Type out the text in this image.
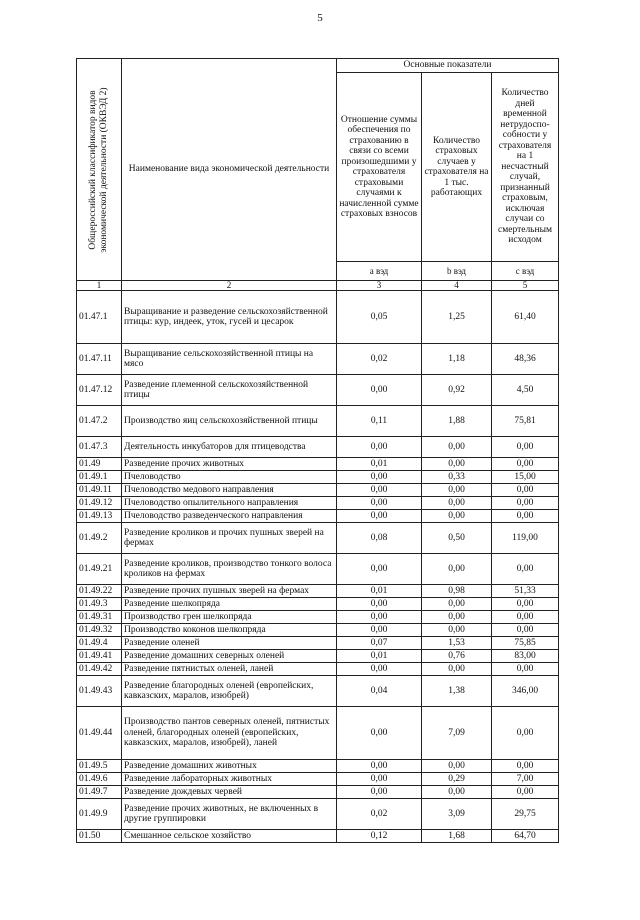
5
Общероссийский классификатор видов экономической деятельности (ОКВЭД 2)	Наименование вида экономической деятельности	Основные показатели		
		Отношение суммы обеспечения по страхованию в связи со всеми произошедшими у страхователя страховыми случаями к начисленной сумме страховых взносов	Количество страховых случаев у страхователя на 1 тыс. работающих	Количество дней временной нетрудоспо-собности у страхователя на 1 несчастный случай, признанный страховым, исключая случаи со смертельным исходом
		a вэд	b вэд	c вэд
1	2	3	4	5
01.47.1	Выращивание и разведение сельскохозяйственной птицы: кур, индеек, уток, гусей и цесарок	0,05	1,25	61,40
01.47.11	Выращивание сельскохозяйственной птицы на мясо	0,02	1,18	48,36
01.47.12	Разведение племенной сельскохозяйственной птицы	0,00	0,92	4,50
01.47.2	Производство яиц сельскохозяйственной птицы	0,11	1,88	75,81
01.47.3	Деятельность инкубаторов для птицеводства	0,00	0,00	0,00
01.49	Разведение прочих животных	0,01	0,00	0,00
01.49.1	Пчеловодство	0,00	0,33	15,00
01.49.11	Пчеловодство медового направления	0,00	0,00	0,00
01.49.12	Пчеловодство опылительного направления	0,00	0,00	0,00
01.49.13	Пчеловодство разведенческого направления	0,00	0,00	0,00
01.49.2	Разведение кроликов и прочих пушных зверей на фермах	0,08	0,50	119,00
01.49.21	Разведение кроликов, производство тонкого волоса кроликов на фермах	0,00	0,00	0,00
01.49.22	Разведение прочих пушных зверей на фермах	0,01	0,98	51,33
01.49.3	Разведение шелкопряда	0,00	0,00	0,00
01.49.31	Производство грен шелкопряда	0,00	0,00	0,00
01.49.32	Производство коконов шелкопряда	0,00	0,00	0,00
01.49.4	Разведение оленей	0,07	1,53	75,85
01.49.41	Разведение домашних северных оленей	0,01	0,76	83,00
01.49.42	Разведение пятнистых оленей, ланей	0,00	0,00	0,00
01.49.43	Разведение благородных оленей (европейских, кавказских, маралов, изюбрей)	0,04	1,38	346,00
01.49.44	Производство пантов северных оленей, пятнистых оленей, благородных оленей (европейских, кавказских, маралов, изюбрей), ланей	0,00	7,09	0,00
01.49.5	Разведение домашних животных	0,00	0,00	0,00
01.49.6	Разведение лабораторных животных	0,00	0,29	7,00
01.49.7	Разведение дождевых червей	0,00	0,00	0,00
01.49.9	Разведение прочих животных, не включенных в другие группировки	0,02	3,09	29,75
01.50	Смешанное сельское хозяйство	0,12	1,68	64,70
